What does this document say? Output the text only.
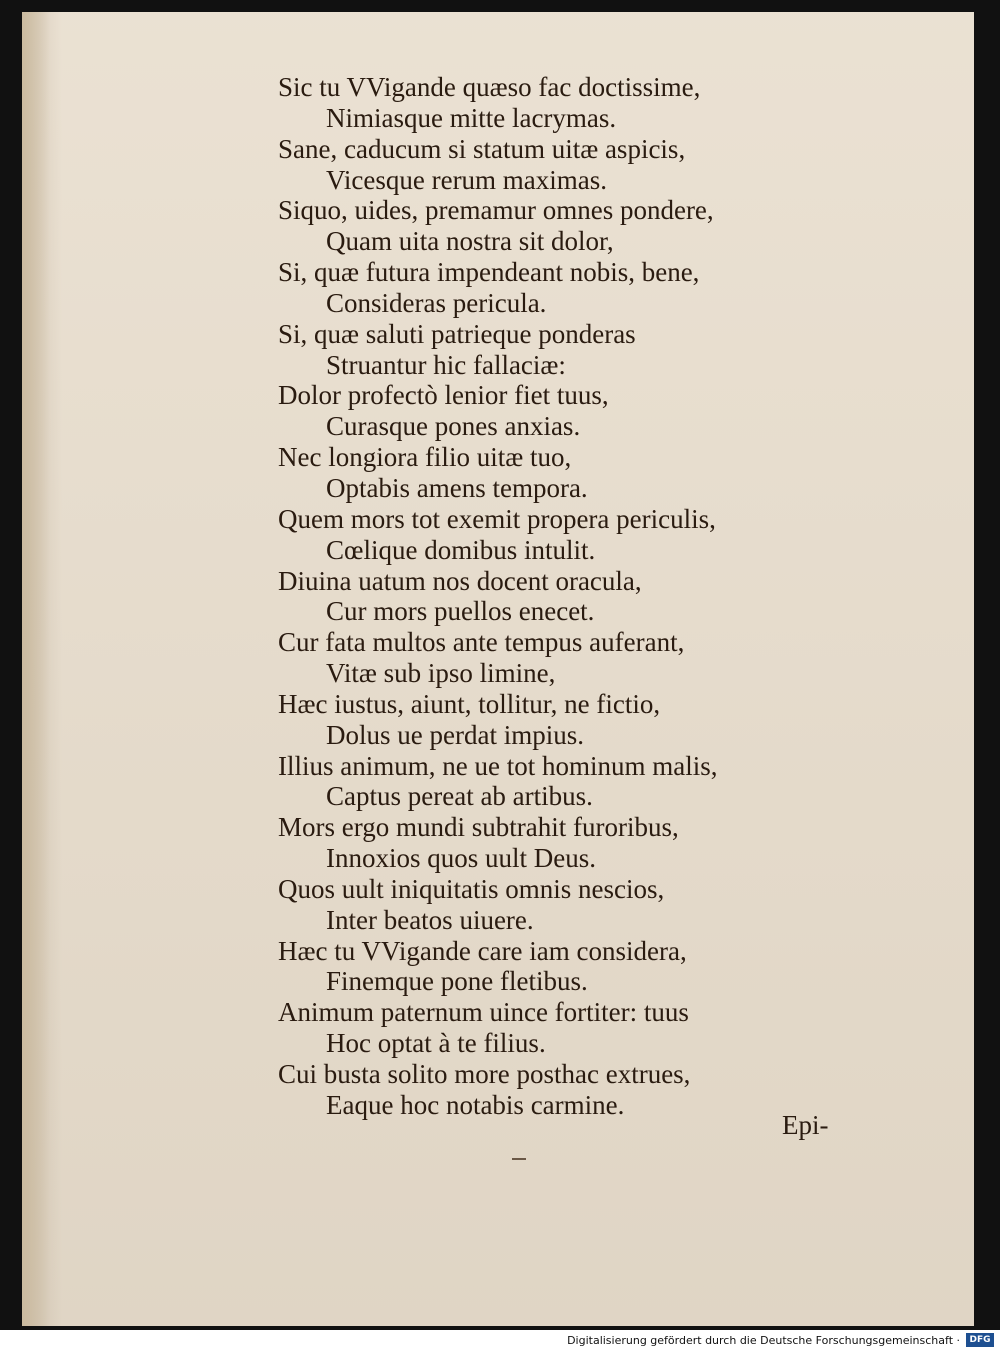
Sic tu VVigande quæso fac doctissime,
Nimiasque mitte lacrymas.
Sane, caducum si statum uitæ aspicis,
Vicesque rerum maximas.
Siquo, uides, premamur omnes pondere,
Quam uita nostra sit dolor,
Si, quæ futura impendeant nobis, bene,
Consideras pericula.
Si, quæ saluti patrieque ponderas
Struantur hic fallaciæ:
Dolor profectò lenior fiet tuus,
Curasque pones anxias.
Nec longiora filio uitæ tuo,
Optabis amens tempora.
Quem mors tot exemit propera periculis,
Cœlique domibus intulit.
Diuina uatum nos docent oracula,
Cur mors puellos enecet.
Cur fata multos ante tempus auferant,
Vitæ sub ipso limine,
Hæc iustus, aiunt, tollitur, ne fictio,
Dolus ue perdat impius.
Illius animum, ne ue tot hominum malis,
Captus pereat ab artibus.
Mors ergo mundi subtrahit furoribus,
Innoxios quos uult Deus.
Quos uult iniquitatis omnis nescios,
Inter beatos uiuere.
Hæc tu VVigande care iam considera,
Finemque pone fletibus.
Animum paternum uince fortiter: tuus
Hoc optat à te filius.
Cui busta solito more posthac extrues,
Eaque hoc notabis carmine.
Epi-
Digitalisierung gefördert durch die Deutsche Forschungsgemeinschaft ·	DFG
